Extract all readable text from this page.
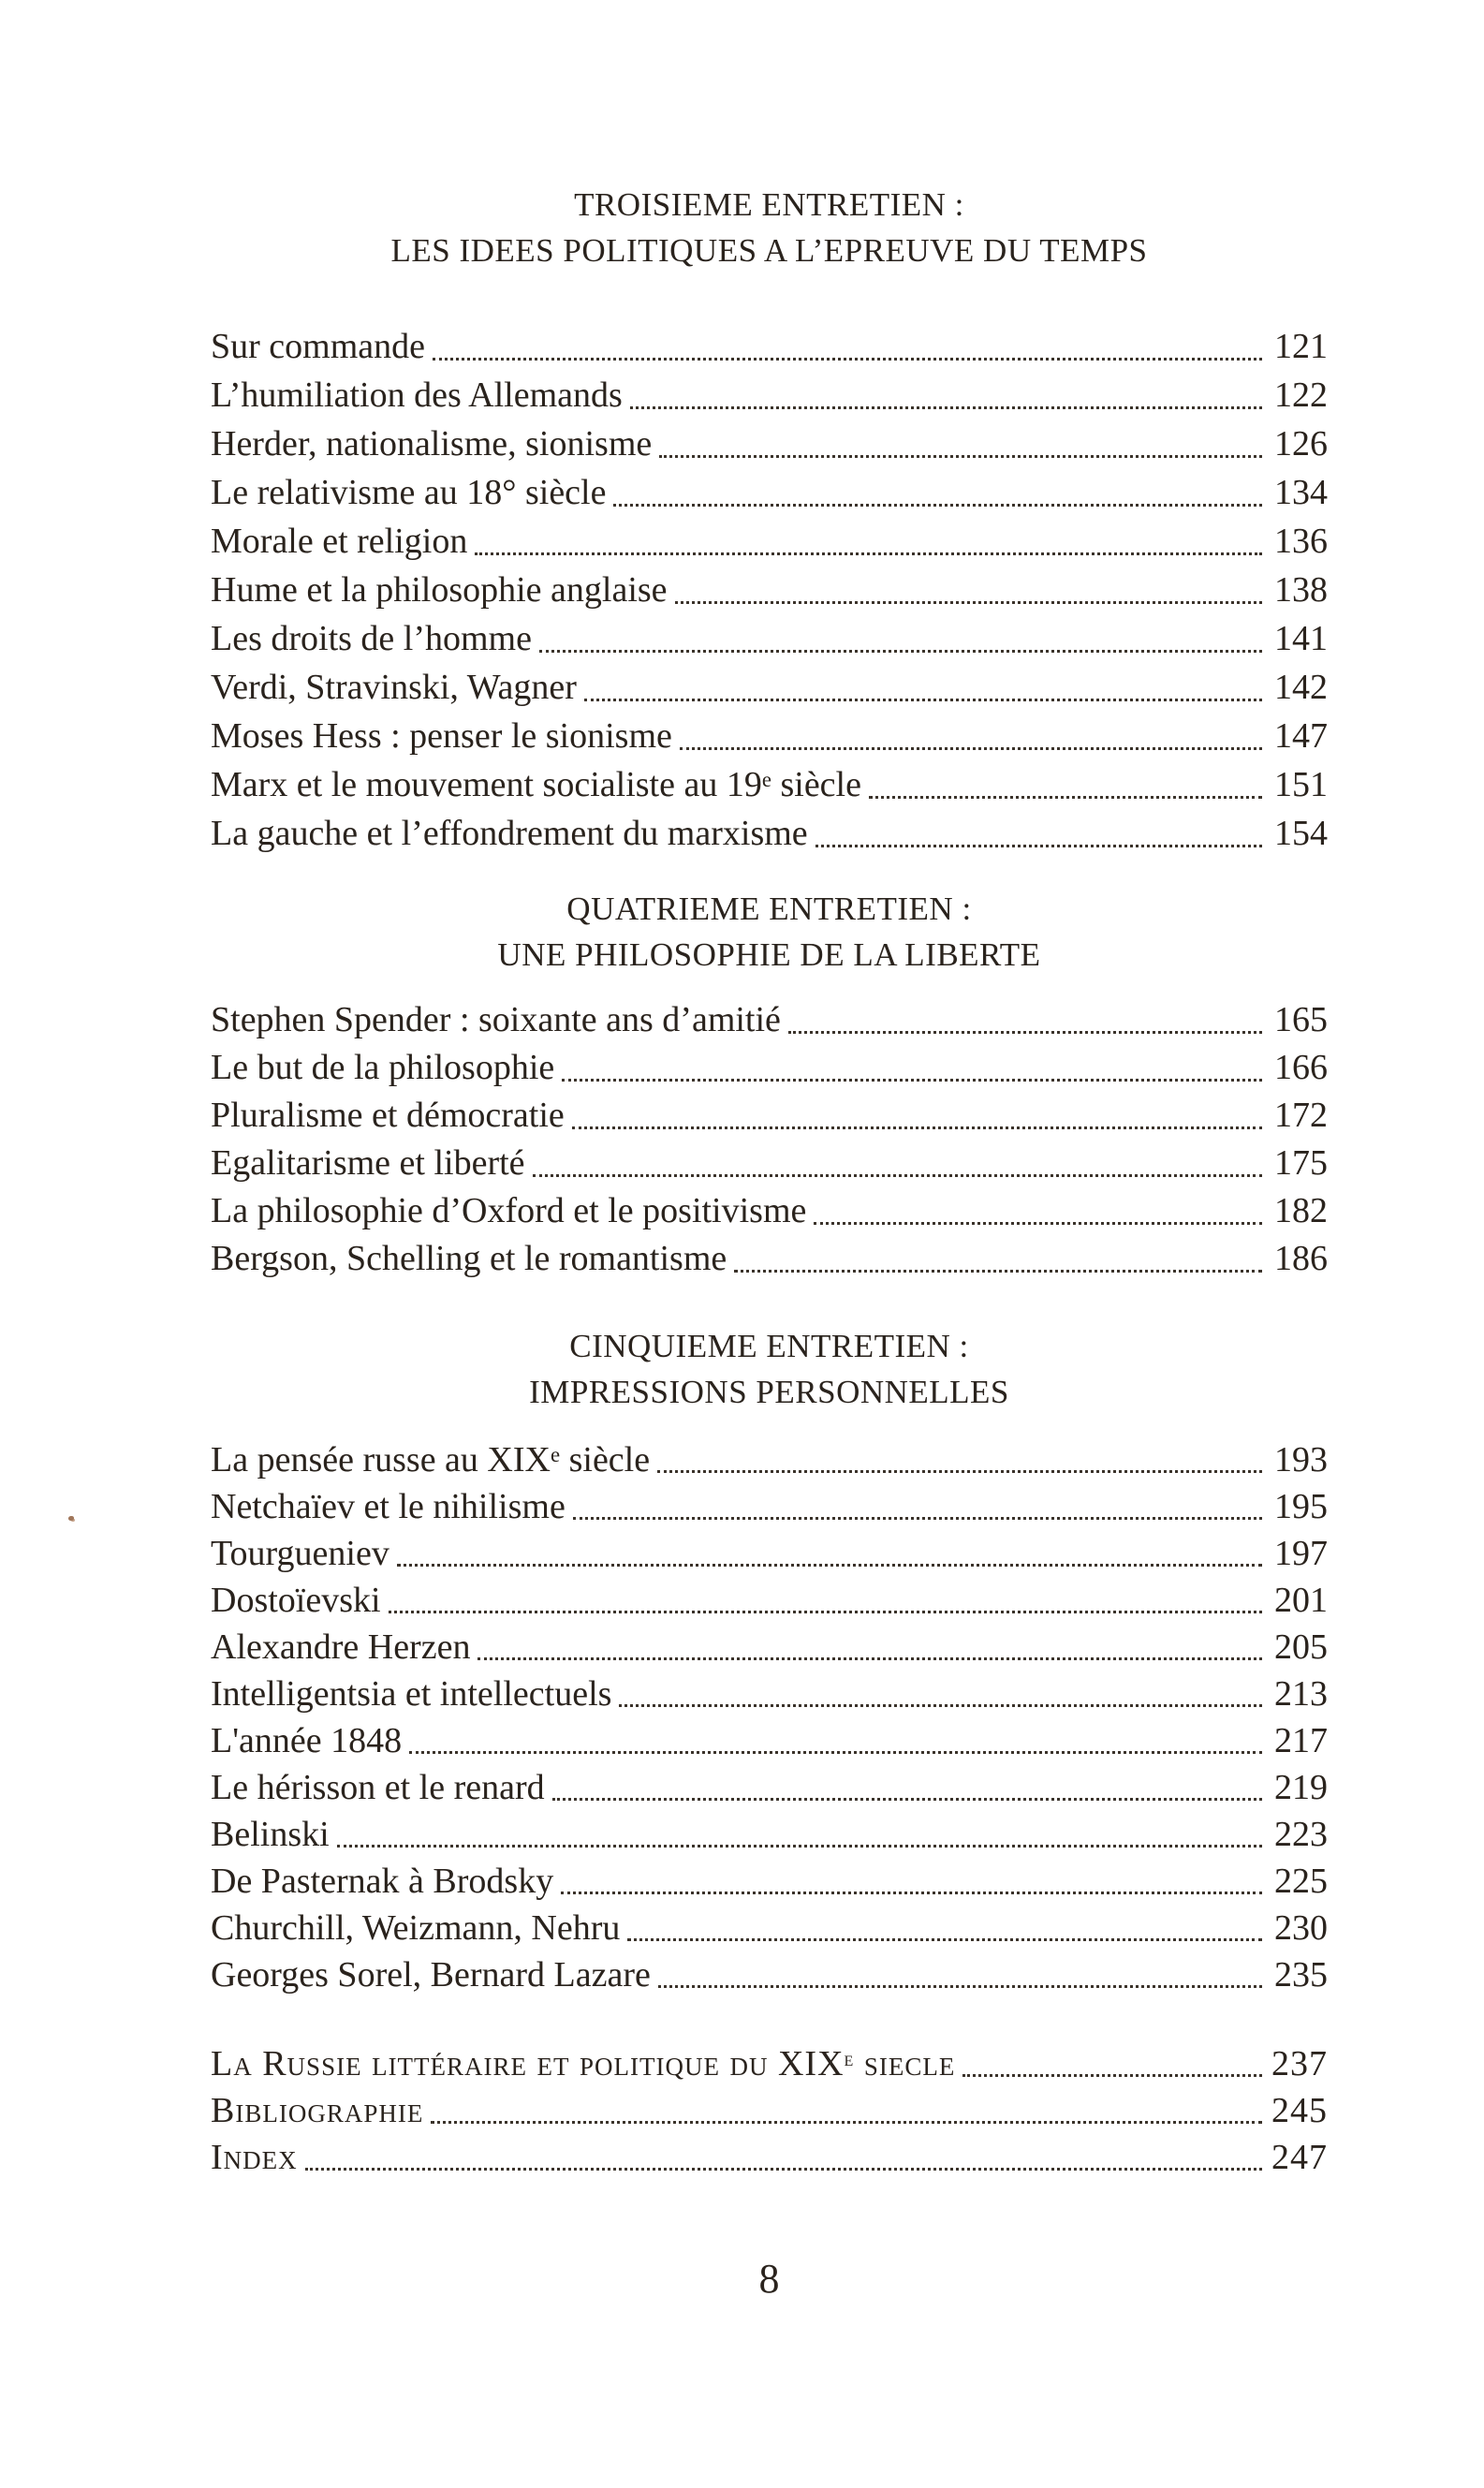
TROISIEME ENTRETIEN :
LES IDEES POLITIQUES A L’EPREUVE DU TEMPS
Sur commande	121
L’humiliation des Allemands	122
Herder, nationalisme, sionisme	126
Le relativisme au 18° siècle	134
Morale et religion	136
Hume et la philosophie anglaise	138
Les droits de l’homme	141
Verdi, Stravinski, Wagner	142
Moses Hess : penser le sionisme	147
Marx et le mouvement socialiste au 19e siècle	151
La gauche et l’effondrement du marxisme	154
QUATRIEME ENTRETIEN :
UNE PHILOSOPHIE DE LA LIBERTE
Stephen Spender : soixante ans d’amitié	165
Le but de la philosophie	166
Pluralisme et démocratie	172
Egalitarisme et liberté	175
La philosophie d’Oxford et le positivisme	182
Bergson, Schelling et le romantisme	186
CINQUIEME ENTRETIEN :
IMPRESSIONS PERSONNELLES
La pensée russe au XIXe siècle	193
Netchaïev et le nihilisme	195
Tourgueniev	197
Dostoïevski	201
Alexandre Herzen	205
Intelligentsia et intellectuels	213
L'année 1848	217
Le hérisson et le renard	219
Belinski	223
De Pasternak à Brodsky	225
Churchill, Weizmann, Nehru	230
Georges Sorel, Bernard Lazare	235
La Russie littéraire et politique du XIXe siecle	237
Bibliographie	245
Index	247
8
